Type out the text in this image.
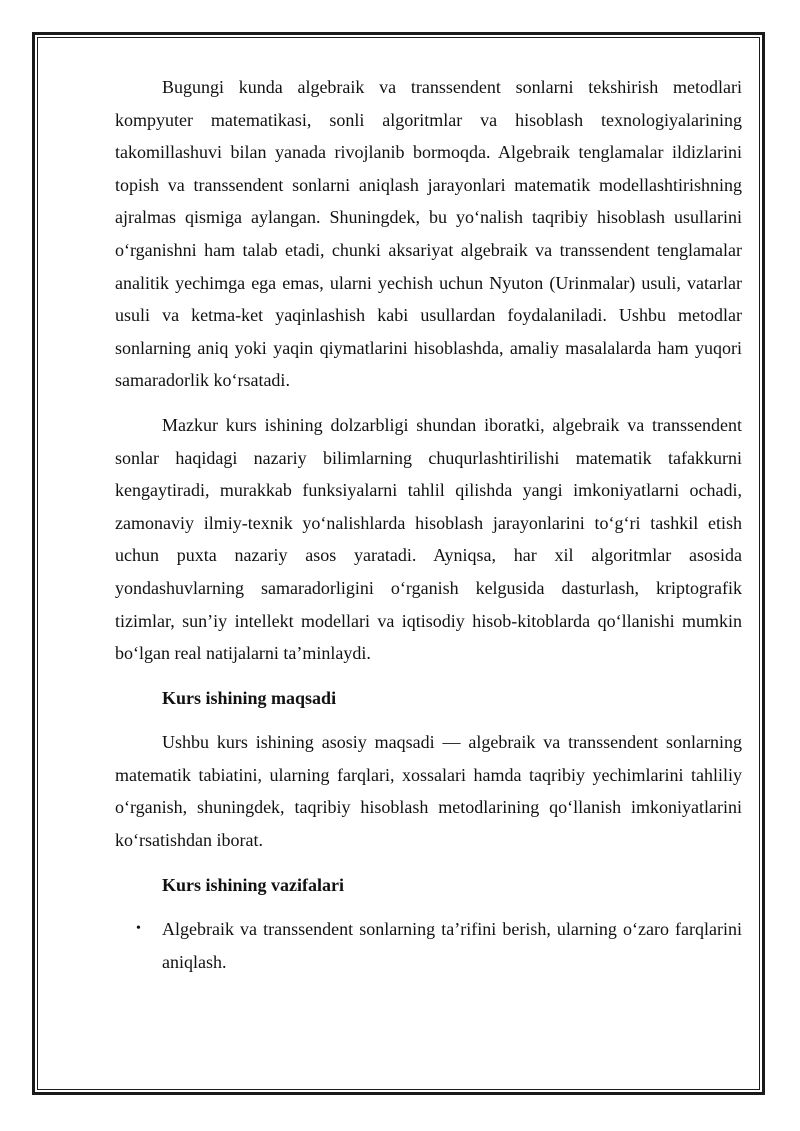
Bugungi kunda algebraik va transsendent sonlarni tekshirish metodlari kompyuter matematikasi, sonli algoritmlar va hisoblash texnologiyalarining takomillashuvi bilan yanada rivojlanib bormoqda. Algebraik tenglamalar ildizlarini topish va transsendent sonlarni aniqlash jarayonlari matematik modellashtirishning ajralmas qismiga aylangan. Shuningdek, bu yo‘nalish taqribiy hisoblash usullarini o‘rganishni ham talab etadi, chunki aksariyat algebraik va transsendent tenglamalar analitik yechimga ega emas, ularni yechish uchun Nyuton (Urinmalar) usuli, vatarlar usuli va ketma-ket yaqinlashish kabi usullardan foydalaniladi. Ushbu metodlar sonlarning aniq yoki yaqin qiymatlarini hisoblashda, amaliy masalalarda ham yuqori samaradorlik ko‘rsatadi.

Mazkur kurs ishining dolzarbligi shundan iboratki, algebraik va transsendent sonlar haqidagi nazariy bilimlarning chuqurlashtirilishi matematik tafakkurni kengaytiradi, murakkab funksiyalarni tahlil qilishda yangi imkoniyatlarni ochadi, zamonaviy ilmiy-texnik yo‘nalishlarda hisoblash jarayonlarini to‘g‘ri tashkil etish uchun puxta nazariy asos yaratadi. Ayniqsa, har xil algoritmlar asosida yondashuvlarning samaradorligini o‘rganish kelgusida dasturlash, kriptografik tizimlar, sun’iy intellekt modellari va iqtisodiy hisob-kitoblarda qo‘llanishi mumkin bo‘lgan real natijalarni ta’minlaydi.

Kurs ishining maqsadi

Ushbu kurs ishining asosiy maqsadi — algebraik va transsendent sonlarning matematik tabiatini, ularning farqlari, xossalari hamda taqribiy yechimlarini tahliliy o‘rganish, shuningdek, taqribiy hisoblash metodlarining qo‘llanish imkoniyatlarini ko‘rsatishdan iborat.

Kurs ishining vazifalari

• Algebraik va transsendent sonlarning ta’rifini berish, ularning o‘zaro farqlarini aniqlash.
